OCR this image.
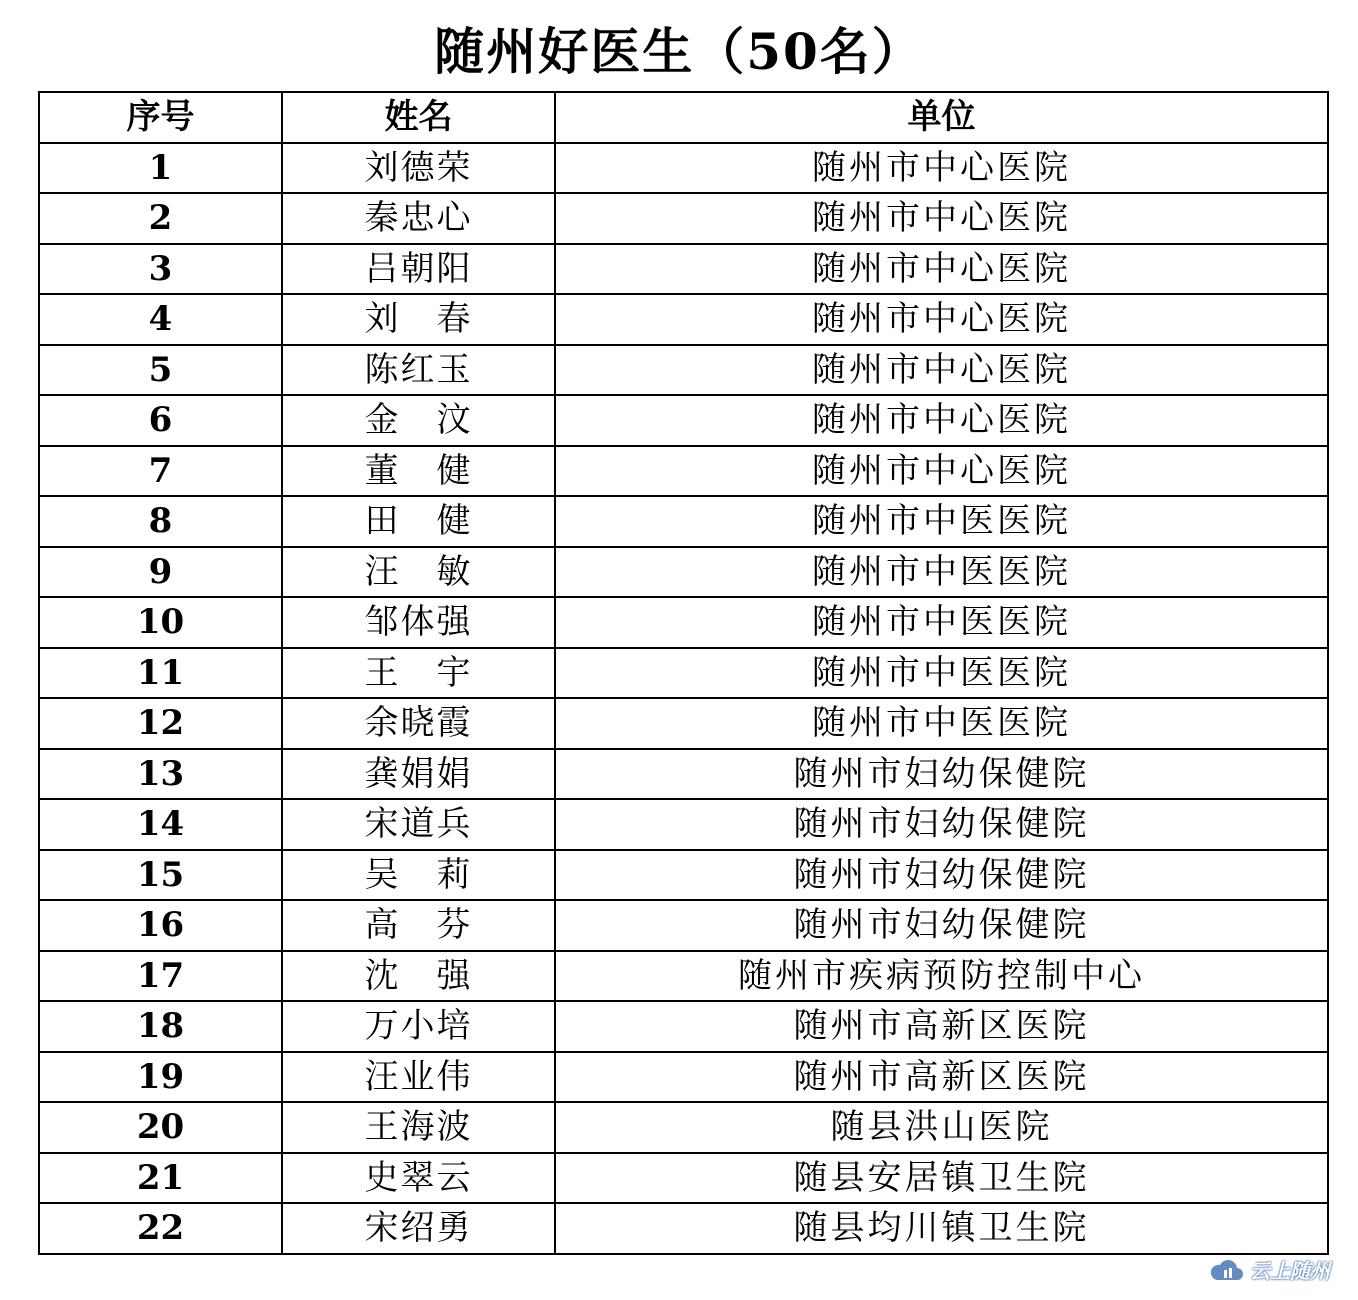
随州好医生（50名）
序号	姓名	单位
1	刘德荣	随州市中心医院
2	秦忠心	随州市中心医院
3	吕朝阳	随州市中心医院
4	刘　春	随州市中心医院
5	陈红玉	随州市中心医院
6	金　汶	随州市中心医院
7	董　健	随州市中心医院
8	田　健	随州市中医医院
9	汪　敏	随州市中医医院
10	邹体强	随州市中医医院
11	王　宇	随州市中医医院
12	余晓霞	随州市中医医院
13	龚娟娟	随州市妇幼保健院
14	宋道兵	随州市妇幼保健院
15	吴　莉	随州市妇幼保健院
16	高　芬	随州市妇幼保健院
17	沈　强	随州市疾病预防控制中心
18	万小培	随州市高新区医院
19	汪业伟	随州市高新区医院
20	王海波	随县洪山医院
21	史翠云	随县安居镇卫生院
22	宋绍勇	随县均川镇卫生院
云上随州
